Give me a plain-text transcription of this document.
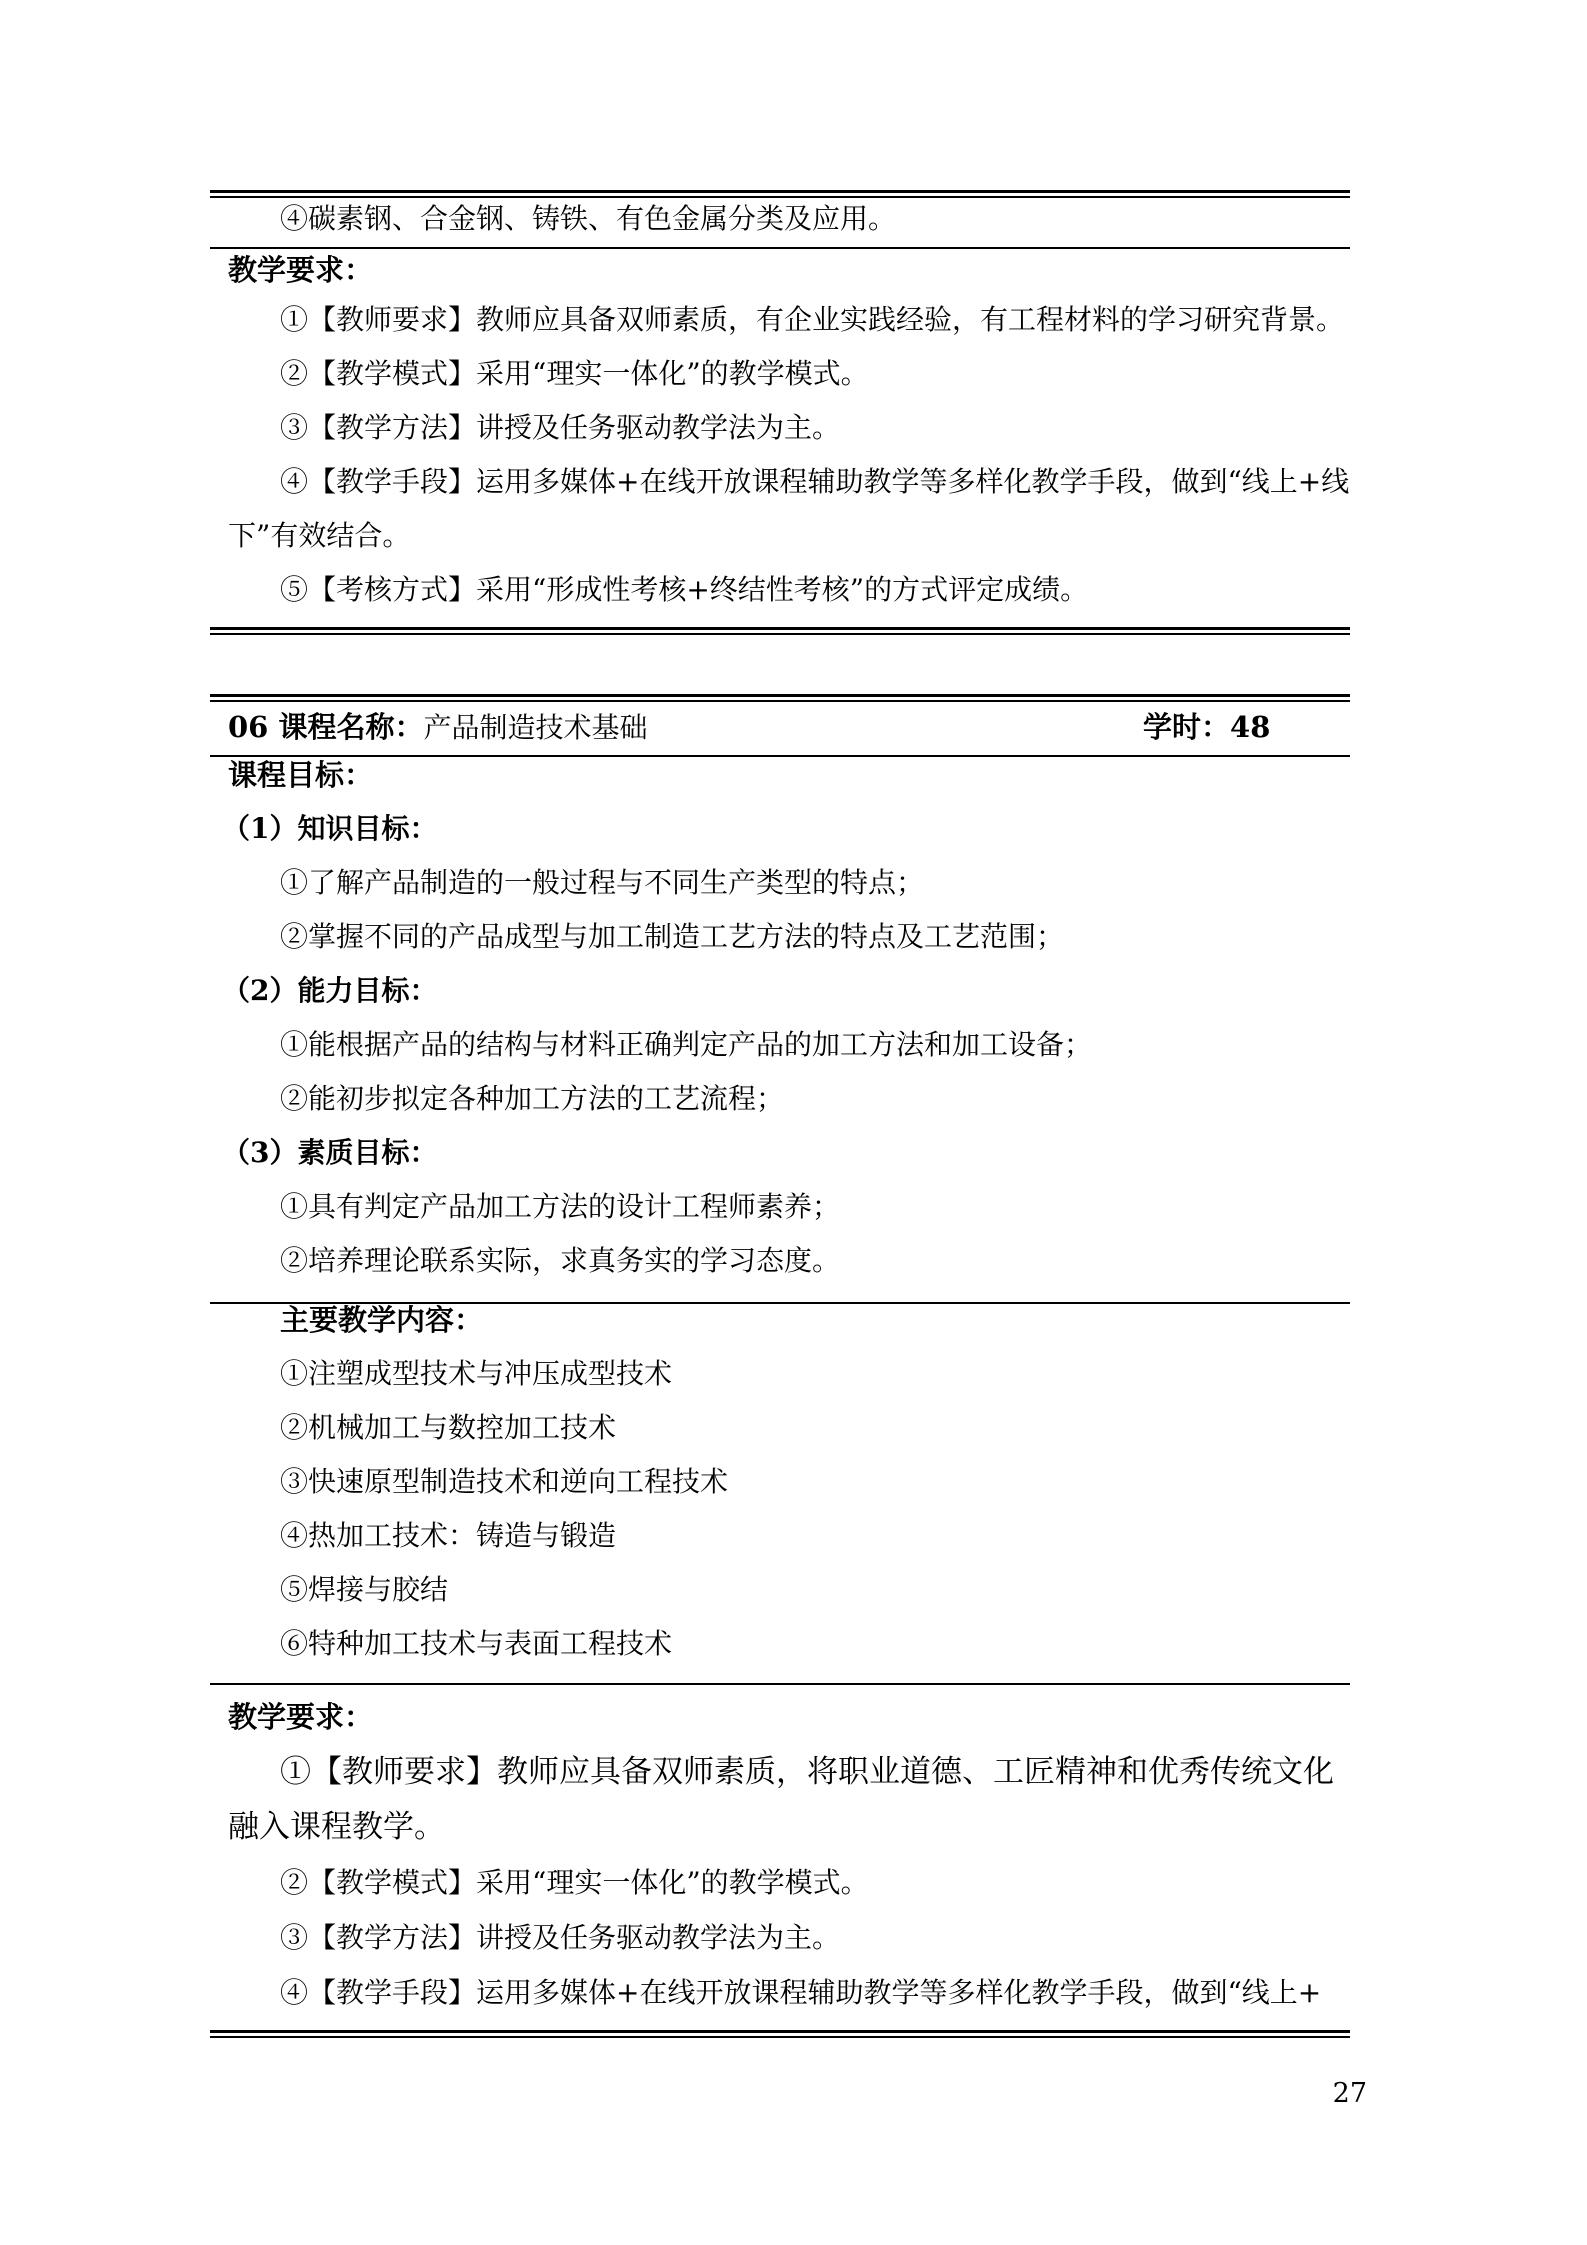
④碳素钢、合金钢、铸铁、有色金属分类及应用。

教学要求：

①【教师要求】教师应具备双师素质，有企业实践经验，有工程材料的学习研究背景。

②【教学模式】采用“理实一体化”的教学模式。

③【教学方法】讲授及任务驱动教学法为主。

④【教学手段】运用多媒体+在线开放课程辅助教学等多样化教学手段，做到“线上+线下”有效结合。

⑤【考核方式】采用“形成性考核+终结性考核”的方式评定成绩。

06 课程名称：产品制造技术基础	学时：48

课程目标：

（1）知识目标：

①了解产品制造的一般过程与不同生产类型的特点；

②掌握不同的产品成型与加工制造工艺方法的特点及工艺范围；

（2）能力目标：

①能根据产品的结构与材料正确判定产品的加工方法和加工设备；

②能初步拟定各种加工方法的工艺流程；

（3）素质目标：

①具有判定产品加工方法的设计工程师素养；

②培养理论联系实际，求真务实的学习态度。

主要教学内容：

①注塑成型技术与冲压成型技术

②机械加工与数控加工技术

③快速原型制造技术和逆向工程技术

④热加工技术：铸造与锻造

⑤焊接与胶结

⑥特种加工技术与表面工程技术

教学要求：

①【教师要求】教师应具备双师素质，将职业道德、工匠精神和优秀传统文化融入课程教学。

②【教学模式】采用“理实一体化”的教学模式。

③【教学方法】讲授及任务驱动教学法为主。

④【教学手段】运用多媒体+在线开放课程辅助教学等多样化教学手段，做到“线上+

27
